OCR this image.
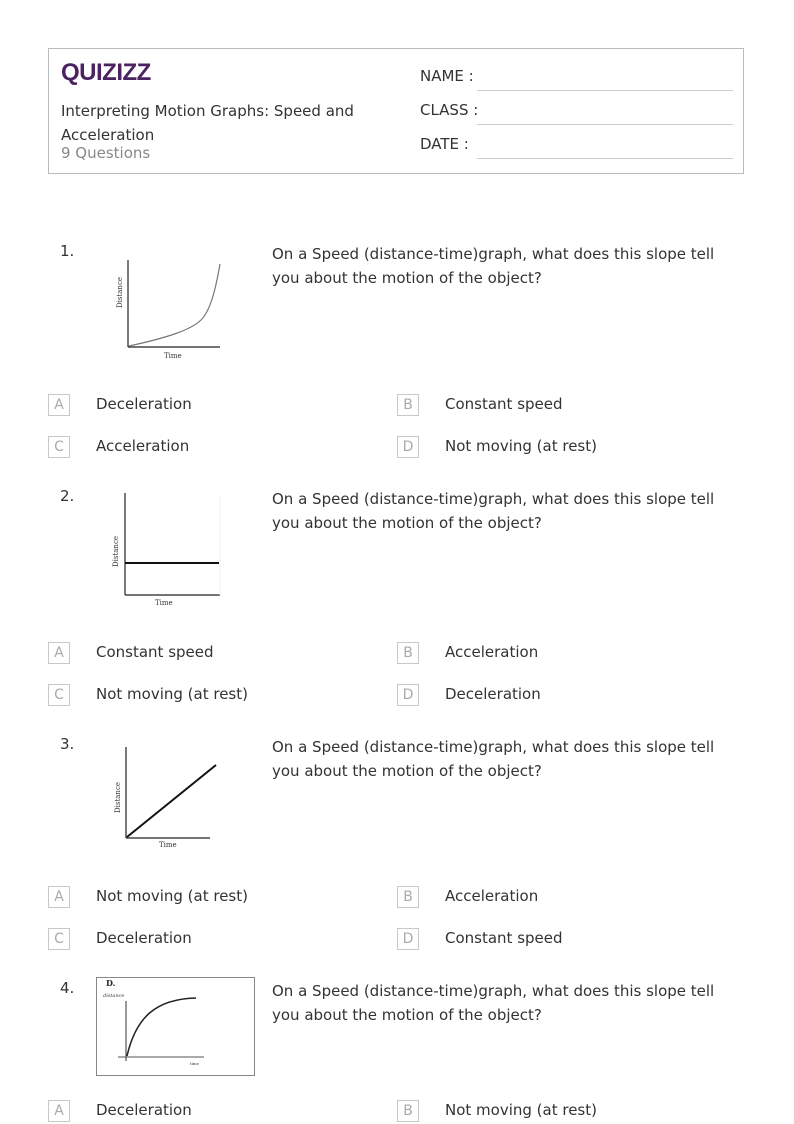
QUIZIZZ
Interpreting Motion Graphs: Speed and Acceleration
9 Questions
NAME :
CLASS :
DATE :
1.
Distance
Time
On a Speed (distance-time)graph, what does this slope tell you about the motion of the object?
A	Deceleration	B	Constant speed
C	Acceleration	D	Not moving (at rest)
2.
Distance
Time
On a Speed (distance-time)graph, what does this slope tell you about the motion of the object?
A	Constant speed	B	Acceleration
C	Not moving (at rest)	D	Deceleration
3.
Distance
Time
On a Speed (distance-time)graph, what does this slope tell you about the motion of the object?
A	Not moving (at rest)	B	Acceleration
C	Deceleration	D	Constant speed
4.	D.
distance
time
On a Speed (distance-time)graph, what does this slope tell you about the motion of the object?
A	Deceleration	B	Not moving (at rest)
